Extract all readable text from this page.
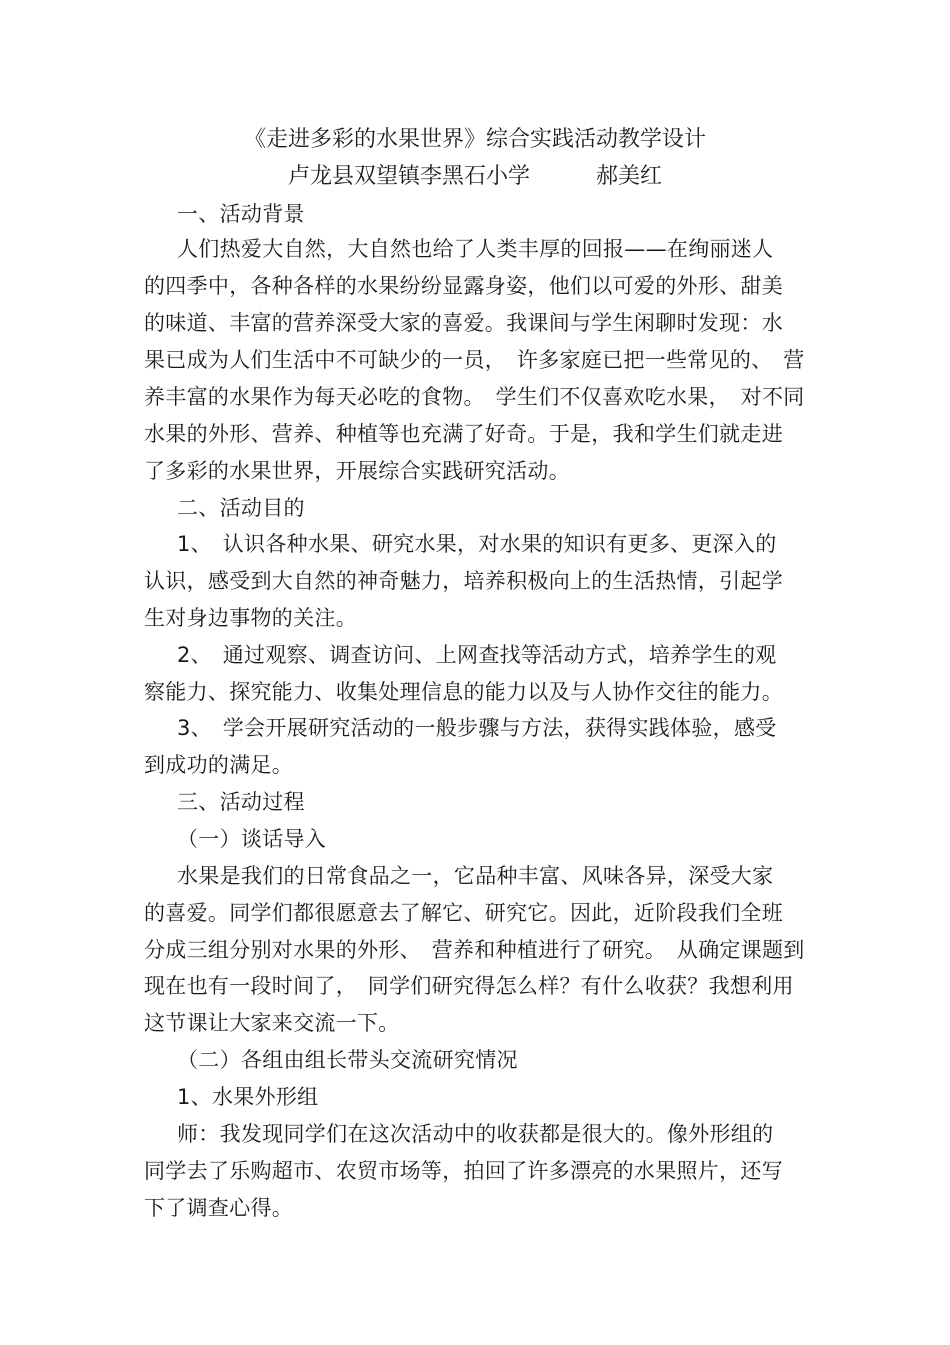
《走进多彩的水果世界》综合实践活动教学设计
卢龙县双望镇李黑石小学　　　郝美红
一、活动背景
人们热爱大自然，大自然也给了人类丰厚的回报——在绚丽迷人
的四季中，各种各样的水果纷纷显露身姿，他们以可爱的外形、甜美
的味道、丰富的营养深受大家的喜爱。我课间与学生闲聊时发现：水
果已成为人们生活中不可缺少的一员，　许多家庭已把一些常见的、　营
养丰富的水果作为每天必吃的食物。　学生们不仅喜欢吃水果，　对不同
水果的外形、营养、种植等也充满了好奇。于是，我和学生们就走进
了多彩的水果世界，开展综合实践研究活动。
二、活动目的
1、　认识各种水果、研究水果，对水果的知识有更多、更深入的
认识，感受到大自然的神奇魅力，培养积极向上的生活热情，引起学
生对身边事物的关注。
2、　通过观察、调查访问、上网查找等活动方式，培养学生的观
察能力、探究能力、收集处理信息的能力以及与人协作交往的能力。
3、　学会开展研究活动的一般步骤与方法，获得实践体验，感受
到成功的满足。
三、活动过程
（一）谈话导入
水果是我们的日常食品之一，它品种丰富、风味各异，深受大家
的喜爱。同学们都很愿意去了解它、研究它。因此，近阶段我们全班
分成三组分别对水果的外形、　营养和种植进行了研究。　从确定课题到
现在也有一段时间了，　同学们研究得怎么样？有什么收获？我想利用
这节课让大家来交流一下。
（二）各组由组长带头交流研究情况
1、水果外形组
师：我发现同学们在这次活动中的收获都是很大的。像外形组的
同学去了乐购超市、农贸市场等，拍回了许多漂亮的水果照片，还写
下了调查心得。
